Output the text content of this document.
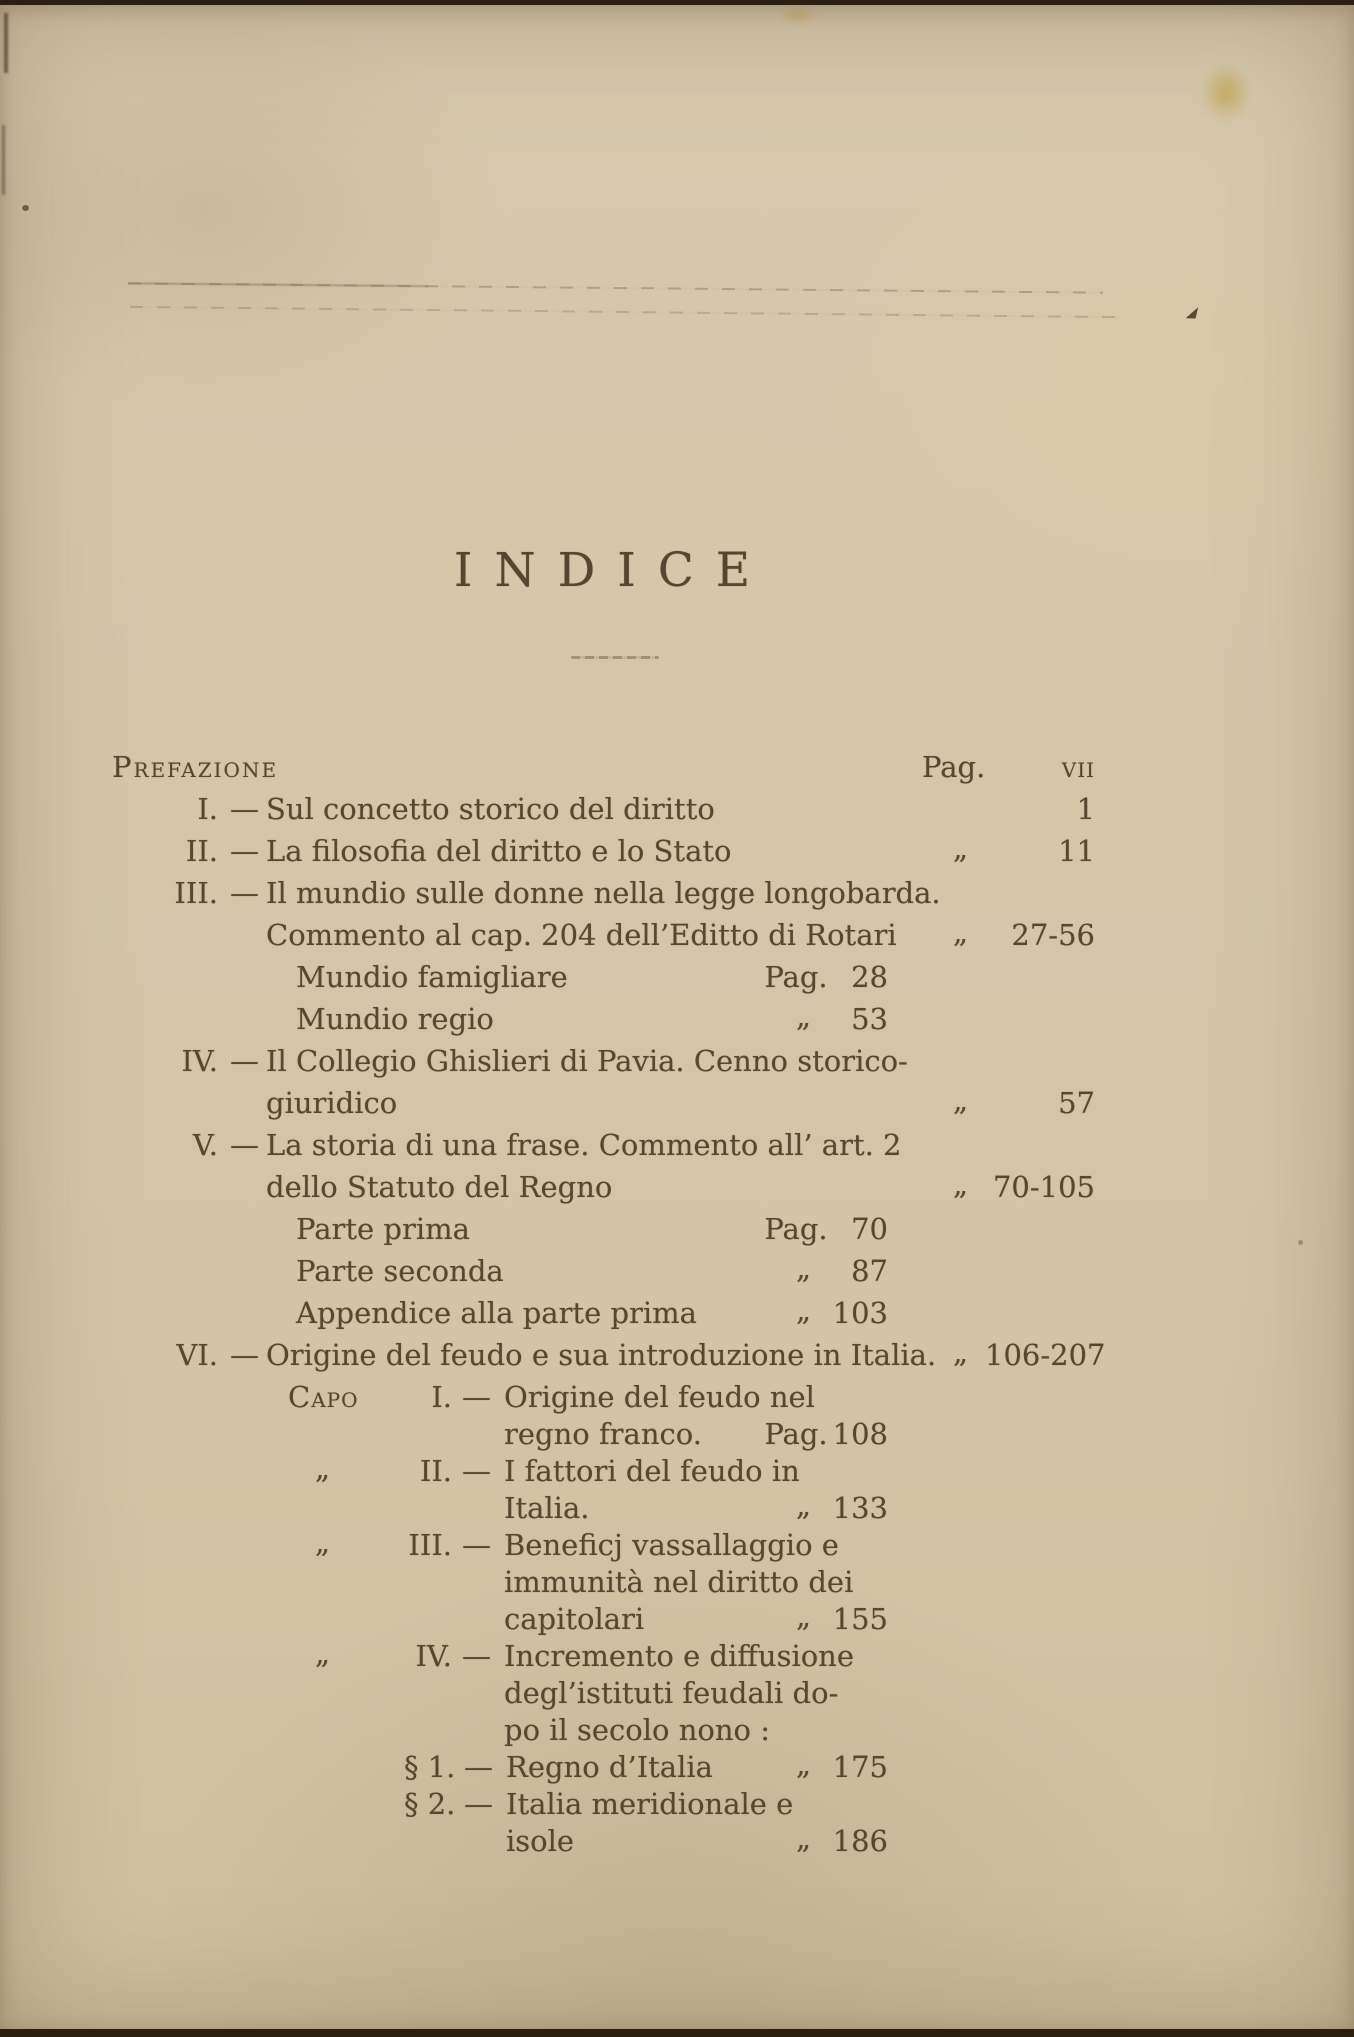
INDICE
Prefazione	Pag.	vii
I. — Sul concetto storico del diritto	1
II. — La filosofia del diritto e lo Stato	„	11
III. — Il mundio sulle donne nella legge longobarda.
Commento al cap. 204 dell’Editto di Rotari „	27-56
Mundio famigliare	Pag. 28
Mundio regio	„	53
IV. — Il Collegio Ghislieri di Pavia. Cenno storico-
giuridico	„	57
V. — La storia di una frase. Commento all’ art. 2
dello Statuto del Regno	„ 70-105
Parte prima	Pag. 70
Parte seconda	„	87
Appendice alla parte prima	„ 103
VI. — Origine del feudo e sua introduzione in Italia. „ 106-207
Capo	I. — Origine del feudo nel
regno franco.	Pag. 108
„	II. — I fattori del feudo in
Italia.	„ 133
„	III. — Beneficj vassallaggio e
immunità nel diritto dei
capitolari	„ 155
„	IV. — Incremento e diffusione
degl’istituti feudali do-
po il secolo nono :
§ 1. — Regno d’Italia	„ 175
§ 2. — Italia meridionale e
isole	„ 186
